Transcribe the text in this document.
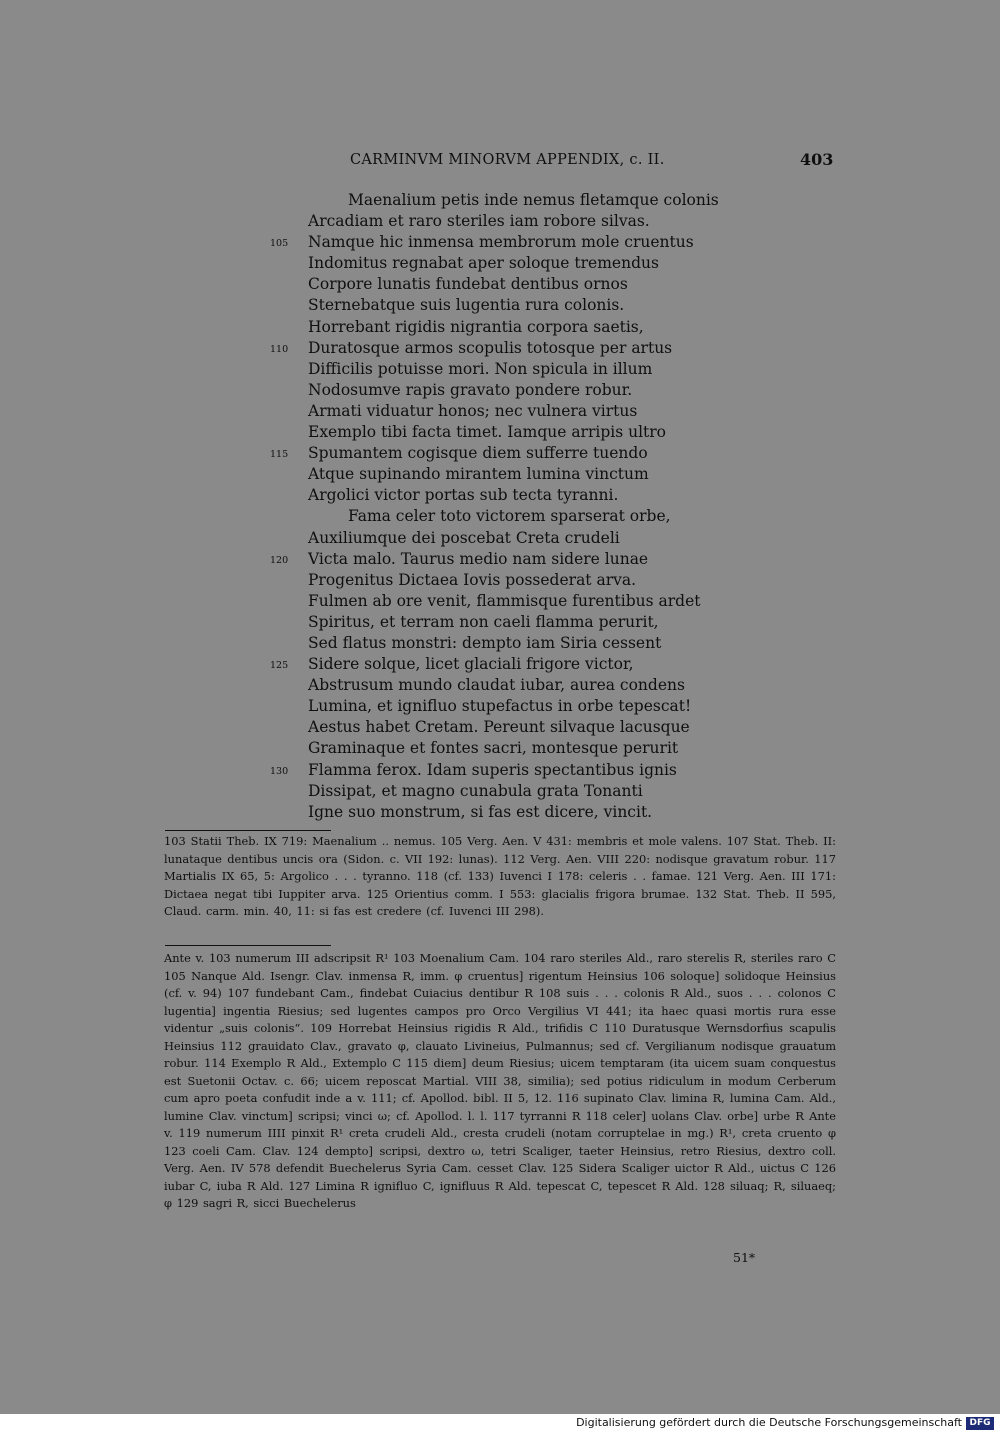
CARMINVM MINORVM APPENDIX, c. II.	403
Maenalium petis inde nemus fletamque colonis
Arcadiam et raro steriles iam robore silvas.
105 Namque hic inmensa membrorum mole cruentus
Indomitus regnabat aper soloque tremendus
Corpore lunatis fundebat dentibus ornos
Sternebatque suis lugentia rura colonis.
Horrebant rigidis nigrantia corpora saetis,
110 Duratosque armos scopulis totosque per artus
Difficilis potuisse mori. Non spicula in illum
Nodosumve rapis gravato pondere robur.
Armati viduatur honos; nec vulnera virtus
Exemplo tibi facta timet. Iamque arripis ultro
115 Spumantem cogisque diem sufferre tuendo
Atque supinando mirantem lumina vinctum
Argolici victor portas sub tecta tyranni.
Fama celer toto victorem sparserat orbe,
Auxiliumque dei poscebat Creta crudeli
120 Victa malo. Taurus medio nam sidere lunae
Progenitus Dictaea Iovis possederat arva.
Fulmen ab ore venit, flammisque furentibus ardet
Spiritus, et terram non caeli flamma perurit,
Sed flatus monstri: dempto iam Siria cessent
125 Sidere solque, licet glaciali frigore victor,
Abstrusum mundo claudat iubar, aurea condens
Lumina, et ignifluo stupefactus in orbe tepescat!
Aestus habet Cretam. Pereunt silvaque lacusque
Graminaque et fontes sacri, montesque perurit
130 Flamma ferox. Idam superis spectantibus ignis
Dissipat, et magno cunabula grata Tonanti
Igne suo monstrum, si fas est dicere, vincit.

103 Statii Theb. IX 719: Maenalium .. nemus. 105 Verg. Aen. V 431: membris et mole valens. 107 Stat. Theb. II: lunataque dentibus uncis ora (Sidon. c. VII 192: lunas). 112 Verg. Aen. VIII 220: nodisque gravatum robur. 117 Martialis IX 65, 5: Argolico . . . tyranno. 118 (cf. 133) Iuvenci I 178: celeris . . famae. 121 Verg. Aen. III 171: Dictaea negat tibi Iuppiter arva. 125 Orientius comm. I 553: glacialis frigora brumae. 132 Stat. Theb. II 595, Claud. carm. min. 40, 11: si fas est credere (cf. Iuvenci III 298).

Ante v. 103 numerum III adscripsit R¹ 103 Moenalium Cam. 104 raro steriles Ald., raro sterelis R, steriles raro C 105 Nanque Ald. Isengr. Clav. inmensa R, imm. φ cruentus] rigentum Heinsius 106 soloque] solidoque Heinsius (cf. v. 94) 107 fundebant Cam., findebat Cuiacius dentibur R 108 suis . . . colonis R Ald., suos . . . colonos C lugentia] ingentia Riesius; sed lugentes campos pro Orco Vergilius VI 441; ita haec quasi mortis rura esse videntur „suis colonis“. 109 Horrebat Heinsius rigidis R Ald., trifidis C 110 Duratusque Wernsdorfius scapulis Heinsius 112 grauidato Clav., gravato φ, clauato Livineius, Pulmannus; sed cf. Vergilianum nodisque grauatum robur. 114 Exemplo R Ald., Extemplo C 115 diem] deum Riesius; uicem temptaram (ita uicem suam conquestus est Suetonii Octav. c. 66; uicem reposcat Martial. VIII 38, similia); sed potius ridiculum in modum Cerberum cum apro poeta confudit inde a v. 111; cf. Apollod. bibl. II 5, 12. 116 supinato Clav. limina R, lumina Cam. Ald., lumine Clav. vinctum] scripsi; vinci ω; cf. Apollod. l. l. 117 tyrranni R 118 celer] uolans Clav. orbe] urbe R Ante v. 119 numerum IIII pinxit R¹ creta crudeli Ald., cresta crudeli (notam corruptelae in mg.) R¹, creta cruento φ 123 coeli Cam. Clav. 124 dempto] scripsi, dextro ω, tetri Scaliger, taeter Heinsius, retro Riesius, dextro coll. Verg. Aen. IV 578 defendit Buechelerus Syria Cam. cesset Clav. 125 Sidera Scaliger uictor R Ald., uictus C 126 iubar C, iuba R Ald. 127 Limina R ignifluo C, ignifluus R Ald. tepescat C, tepescet R Ald. 128 siluaq; R, siluaeq; φ 129 sagri R, sicci Buechelerus

51*
Digitalisierung gefördert durch die Deutsche Forschungsgemeinschaft DFG
